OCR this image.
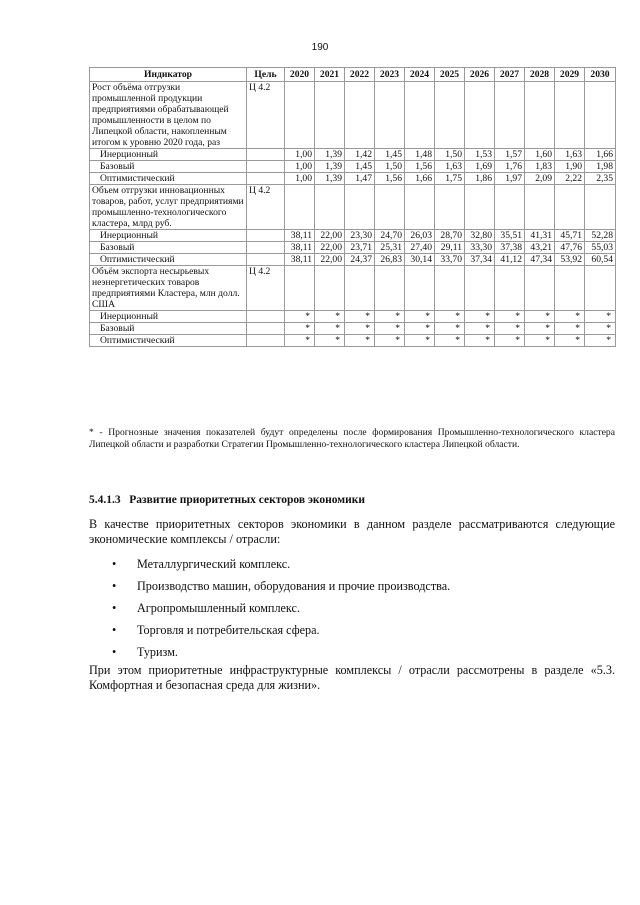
190
Индикатор	Цель	2020	2021	2022	2023	2024	2025	2026	2027	2028	2029	2030
Рост объёма отгрузки промышленной продукции предприятиями обрабатывающей промышленности в целом по Липецкой области, накопленным итогом к уровню 2020 года, раз	Ц 4.2											
Инерционный		1,00	1,39	1,42	1,45	1,48	1,50	1,53	1,57	1,60	1,63	1,66
Базовый		1,00	1,39	1,45	1,50	1,56	1,63	1,69	1,76	1,83	1,90	1,98
Оптимистический		1,00	1,39	1,47	1,56	1,66	1,75	1,86	1,97	2,09	2,22	2,35
Объем отгрузки инновационных товаров, работ, услуг предприятиями промышленно-технологического кластера, млрд руб.	Ц 4.2											
Инерционный		38,11	22,00	23,30	24,70	26,03	28,70	32,80	35,51	41,31	45,71	52,28
Базовый		38,11	22,00	23,71	25,31	27,40	29,11	33,30	37,38	43,21	47,76	55,03
Оптимистический		38,11	22,00	24,37	26,83	30,14	33,70	37,34	41,12	47,34	53,92	60,54
Объём экспорта несырьевых неэнергетических товаров предприятиями Кластера, млн долл. США	Ц 4.2											
Инерционный		*	*	*	*	*	*	*	*	*	*	*
Базовый		*	*	*	*	*	*	*	*	*	*	*
Оптимистический		*	*	*	*	*	*	*	*	*	*	*
* - Прогнозные значения показателей будут определены после формирования Промышленно-технологического кластера Липецкой области и разработки Стратегии Промышленно-технологического кластера Липецкой области.
5.4.1.3 Развитие приоритетных секторов экономики
В качестве приоритетных секторов экономики в данном разделе рассматриваются следующие экономические комплексы / отрасли:
• Металлургический комплекс.
• Производство машин, оборудования и прочие производства.
• Агропромышленный комплекс.
• Торговля и потребительская сфера.
• Туризм.
При этом приоритетные инфраструктурные комплексы / отрасли рассмотрены в разделе «5.3. Комфортная и безопасная среда для жизни».
